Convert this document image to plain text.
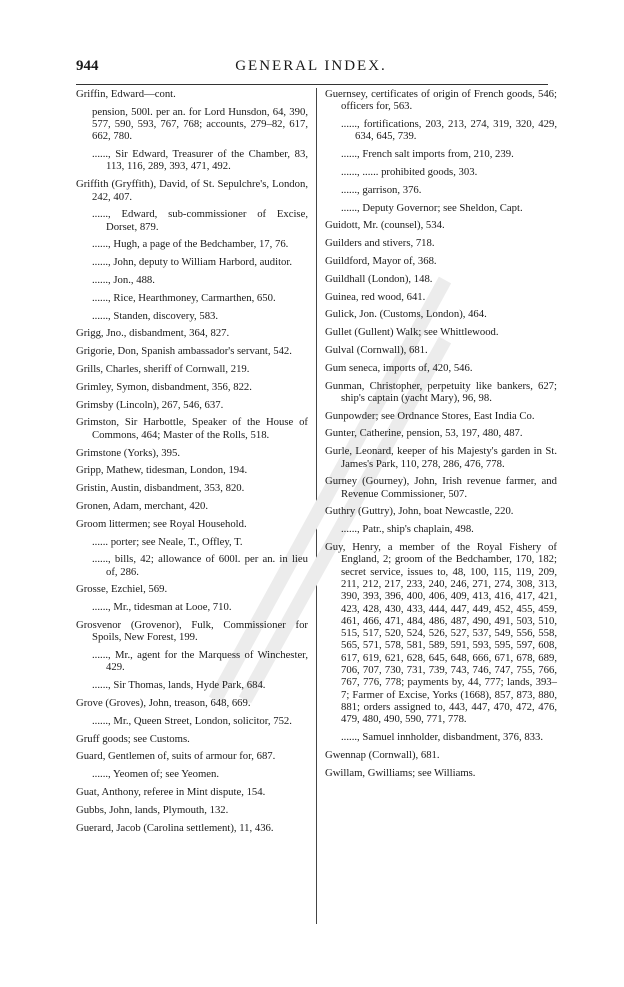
944	GENERAL INDEX.
Griffin, Edward—cont.
pension, 500l. per an. for Lord Hunsdon, 64, 390, 577, 590, 593, 767, 768; accounts, 279–82, 617, 662, 780.
......, Sir Edward, Treasurer of the Chamber, 83, 113, 116, 289, 393, 471, 492.
Griffith (Gryffith), David, of St. Sepulchre's, London, 242, 407.
......, Edward, sub-commissioner of Excise, Dorset, 879.
......, Hugh, a page of the Bedchamber, 17, 76.
......, John, deputy to William Harbord, auditor.
......, Jon., 488.
......, Rice, Hearthmoney, Carmarthen, 650.
......, Standen, discovery, 583.
Grigg, Jno., disbandment, 364, 827.
Grigorie, Don, Spanish ambassador's servant, 542.
Grills, Charles, sheriff of Cornwall, 219.
Grimley, Symon, disbandment, 356, 822.
Grimsby (Lincoln), 267, 546, 637.
Grimston, Sir Harbottle, Speaker of the House of Commons, 464; Master of the Rolls, 518.
Grimstone (Yorks), 395.
Gripp, Mathew, tidesman, London, 194.
Gristin, Austin, disbandment, 353, 820.
Gronen, Adam, merchant, 420.
Groom littermen; see Royal Household.
...... porter; see Neale, T., Offley, T.
......, bills, 42; allowance of 600l. per an. in lieu of, 286.
Grosse, Ezchiel, 569.
......, Mr., tidesman at Looe, 710.
Grosvenor (Grovenor), Fulk, Commissioner for Spoils, New Forest, 199.
......, Mr., agent for the Marquess of Winchester, 429.
......, Sir Thomas, lands, Hyde Park, 684.
Grove (Groves), John, treason, 648, 669.
......, Mr., Queen Street, London, solicitor, 752.
Gruff goods; see Customs.
Guard, Gentlemen of, suits of armour for, 687.
......, Yeomen of; see Yeomen.
Guat, Anthony, referee in Mint dispute, 154.
Gubbs, John, lands, Plymouth, 132.
Guerard, Jacob (Carolina settlement), 11, 436.
Guernsey, certificates of origin of French goods, 546; officers for, 563.
......, fortifications, 203, 213, 274, 319, 320, 429, 634, 645, 739.
......, French salt imports from, 210, 239.
......, ...... prohibited goods, 303.
......, garrison, 376.
......, Deputy Governor; see Sheldon, Capt.
Guidott, Mr. (counsel), 534.
Guilders and stivers, 718.
Guildford, Mayor of, 368.
Guildhall (London), 148.
Guinea, red wood, 641.
Gulick, Jon. (Customs, London), 464.
Gullet (Gullent) Walk; see Whittlewood.
Gulval (Cornwall), 681.
Gum seneca, imports of, 420, 546.
Gunman, Christopher, perpetuity like bankers, 627; ship's captain (yacht Mary), 96, 98.
Gunpowder; see Ordnance Stores, East India Co.
Gunter, Catherine, pension, 53, 197, 480, 487.
Gurle, Leonard, keeper of his Majesty's garden in St. James's Park, 110, 278, 286, 476, 778.
Gurney (Gourney), John, Irish revenue farmer, and Revenue Commissioner, 507.
Guthry (Guttry), John, boat Newcastle, 220.
......, Patr., ship's chaplain, 498.
Guy, Henry, a member of the Royal Fishery of England, 2; groom of the Bedchamber, 170, 182; secret service, issues to, 48, 100, 115, 119, 209, 211, 212, 217, 233, 240, 246, 271, 274, 308, 313, 390, 393, 396, 400, 406, 409, 413, 416, 417, 421, 423, 428, 430, 433, 444, 447, 449, 452, 455, 459, 461, 466, 471, 484, 486, 487, 490, 491, 503, 510, 515, 517, 520, 524, 526, 527, 537, 549, 556, 558, 565, 571, 578, 581, 589, 591, 593, 595, 597, 608, 617, 619, 621, 628, 645, 648, 666, 671, 678, 689, 706, 707, 730, 731, 739, 743, 746, 747, 755, 766, 767, 776, 778; payments by, 44, 777; lands, 393–7; Farmer of Excise, Yorks (1668), 857, 873, 880, 881; orders assigned to, 443, 447, 470, 472, 476, 479, 480, 490, 590, 771, 778.
......, Samuel innholder, disbandment, 376, 833.
Gwennap (Cornwall), 681.
Gwillam, Gwilliams; see Williams.
